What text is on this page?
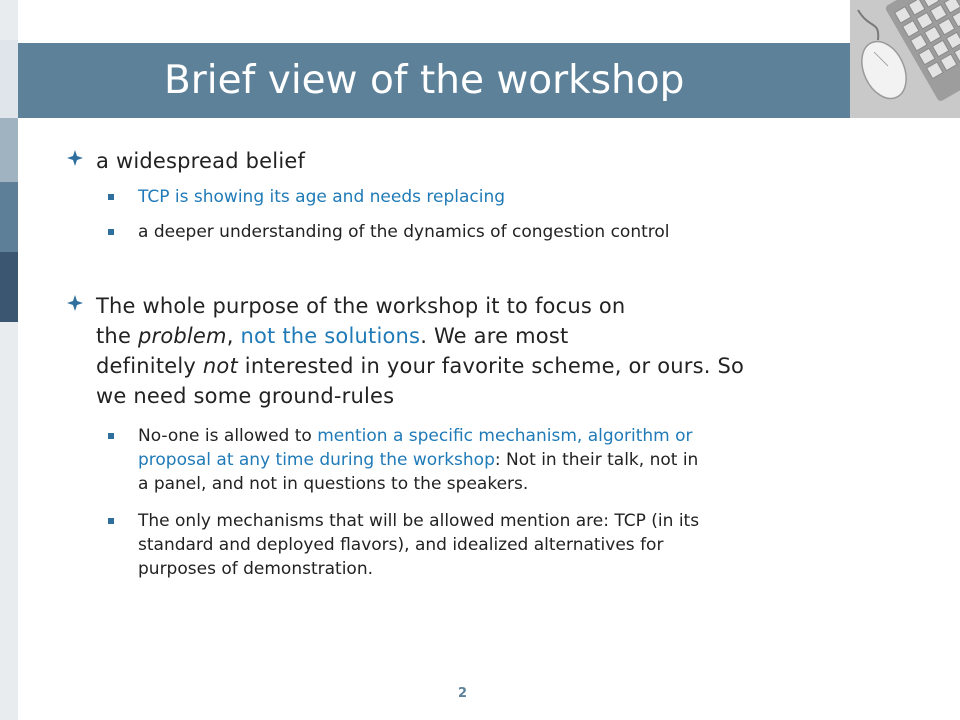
Brief view of the workshop
a widespread belief
TCP is showing its age and needs replacing
a deeper understanding of the dynamics of congestion control
The whole purpose of the workshop it to focus on
the problem, not the solutions. We are most
definitely not interested in your favorite scheme, or ours. So
we need some ground-rules
No-one is allowed to mention a specific mechanism, algorithm or
proposal at any time during the workshop: Not in their talk, not in
a panel, and not in questions to the speakers.
The only mechanisms that will be allowed mention are: TCP (in its
standard and deployed flavors), and idealized alternatives for
purposes of demonstration.
2
